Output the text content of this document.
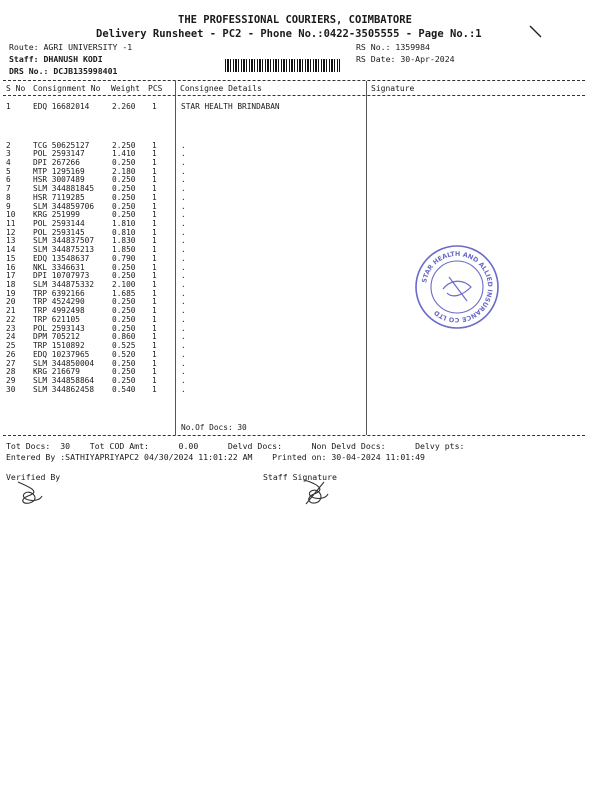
THE PROFESSIONAL COURIERS, COIMBATORE
Delivery Runsheet - PC2 - Phone No.:0422-3505555 - Page No.:1
Route: AGRI UNIVERSITY -1
Staff: DHANUSH KODI
DRS No.: DCJB135998401
RS No.: 1359984
RS Date: 30-Apr-2024
S No Consignment No Weight PCS Consignee Details	Signature
1	EDQ 16682014	2.260 1	STAR HEALTH BRINDABAN
2	TCG 50625127	2.250 1	.
3	POL 2593147	1.410 1	.
4	DPI 267266	0.250 1	.
5	MTP 1295169	2.180 1	.
6	HSR 3007489	0.250 1	.
7	SLM 344881845 0.250 1	.
8	HSR 7119285	0.250 1	.
9	SLM 344859706 0.250 1	.
10 KRG 251999	0.250 1	.
11 POL 2593144	1.810 1	.
12 POL 2593145	0.810 1	.
13 SLM 344837507 1.830 1	.
14 SLM 344875213 1.850 1	.
15 EDQ 13548637	0.790 1	.
16 NKL 3346631	0.250 1	.
17 DPI 10707973	0.250 1	.
18 SLM 344875332 2.100 1	.
19 TRP 6392166	1.685 1	.
20 TRP 4524290	0.250 1	.
21 TRP 4992498	0.250 1	.
22 TRP 621105	0.250 1	.
23 POL 2593143	0.250 1	.
24 DPM 705212	0.860 1	.
25 TRP 1510892	0.525 1	.
26 EDQ 10237965	0.520 1	.
27 SLM 344850004 0.250 1	.
28 KRG 216679	0.250 1	.
29 SLM 344858864 0.250 1	.
30 SLM 344862458 0.540 1	.
No.Of Docs: 30
Tot Docs:  30    Tot COD Amt:      0.00      Delvd Docs:      Non Delvd Docs:      Delvy pts:
Entered By :SATHIYAPRIYAPC2 04/30/2024 11:01:22 AM    Printed on: 30-04-2024 11:01:49
Verified By	Staff Signature
STAR HEALTH AND ALLIED INSURANCE CO LTD
